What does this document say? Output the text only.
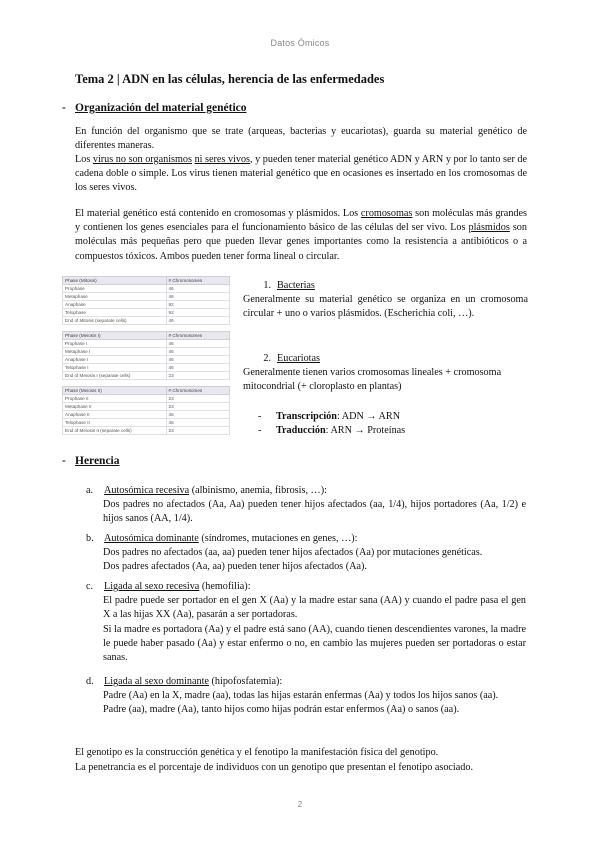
Datos Ómicos
Tema 2 | ADN en las células, herencia de las enfermedades
- Organización del material genético
En función del organismo que se trate (arqueas, bacterias y eucariotas), guarda su material genético de diferentes maneras.
Los virus no son organismos ni seres vivos, y pueden tener material genético ADN y ARN y por lo tanto ser de cadena doble o simple. Los virus tienen material genético que en ocasiones es insertado en los cromosomas de los seres vivos.
El material genético está contenido en cromosomas y plásmidos. Los cromosomas son moléculas más grandes y contienen los genes esenciales para el funcionamiento básico de las células del ser vivo. Los plásmidos son moléculas más pequeñas pero que pueden llevar genes importantes como la resistencia a antibióticos o a compuestos tóxicos. Ambos pueden tener forma lineal o circular.
Phase (Mitosis)	# Chromosomes
Prophase	46
Metaphase	46
Anaphase	92
Telophase	92
End of Mitosis (separate cells)	46
Phase (Meiosis I)	# Chromosomes
Prophase I	46
Metaphase I	46
Anaphase I	46
Telophase I	46
End of Meiosis I (separate cells)	23
Phase (Meiosis II)	# Chromosomes
Prophase II	23
Metaphase II	23
Anaphase II	46
Telophase II	46
End of Meiosis II (separate cells)	23
1. Bacterias
Generalmente su material genético se organiza en un cromosoma circular + uno o varios plásmidos. (Escherichia coli, …).
2. Eucariotas
Generalmente tienen varios cromosomas lineales + cromosoma mitocondrial (+ cloroplasto en plantas)
- Transcripción: ADN → ARN
- Traducción: ARN → Proteínas
- Herencia
a. Autosómica recesiva (albinismo, anemia, fibrosis, …):
Dos padres no afectados (Aa, Aa) pueden tener hijos afectados (aa, 1/4), hijos portadores (Aa, 1/2) e hijos sanos (AA, 1/4).
b. Autosómica dominante (síndromes, mutaciones en genes, …):
Dos padres no afectados (aa, aa) pueden tener hijos afectados (Aa) por mutaciones genéticas.
Dos padres afectados (Aa, aa) pueden tener hijos afectados (Aa).
c. Ligada al sexo recesiva (hemofilia):
El padre puede ser portador en el gen X (Aa) y la madre estar sana (AA) y cuando el padre pasa el gen X a las hijas XX (Aa), pasarán a ser portadoras.
Si la madre es portadora (Aa) y el padre está sano (AA), cuando tienen descendientes varones, la madre le puede haber pasado (Aa) y estar enfermo o no, en cambio las mujeres pueden ser portadoras o estar sanas.
d. Ligada al sexo dominante (hipofosfatemia):
Padre (Aa) en la X, madre (aa), todas las hijas estarán enfermas (Aa) y todos los hijos sanos (aa).
Padre (aa), madre (Aa), tanto hijos como hijas podrán estar enfermos (Aa) o sanos (aa).
El genotipo es la construcción genética y el fenotipo la manifestación física del genotipo.
La penetrancia es el porcentaje de individuos con un genotipo que presentan el fenotipo asociado.
2
